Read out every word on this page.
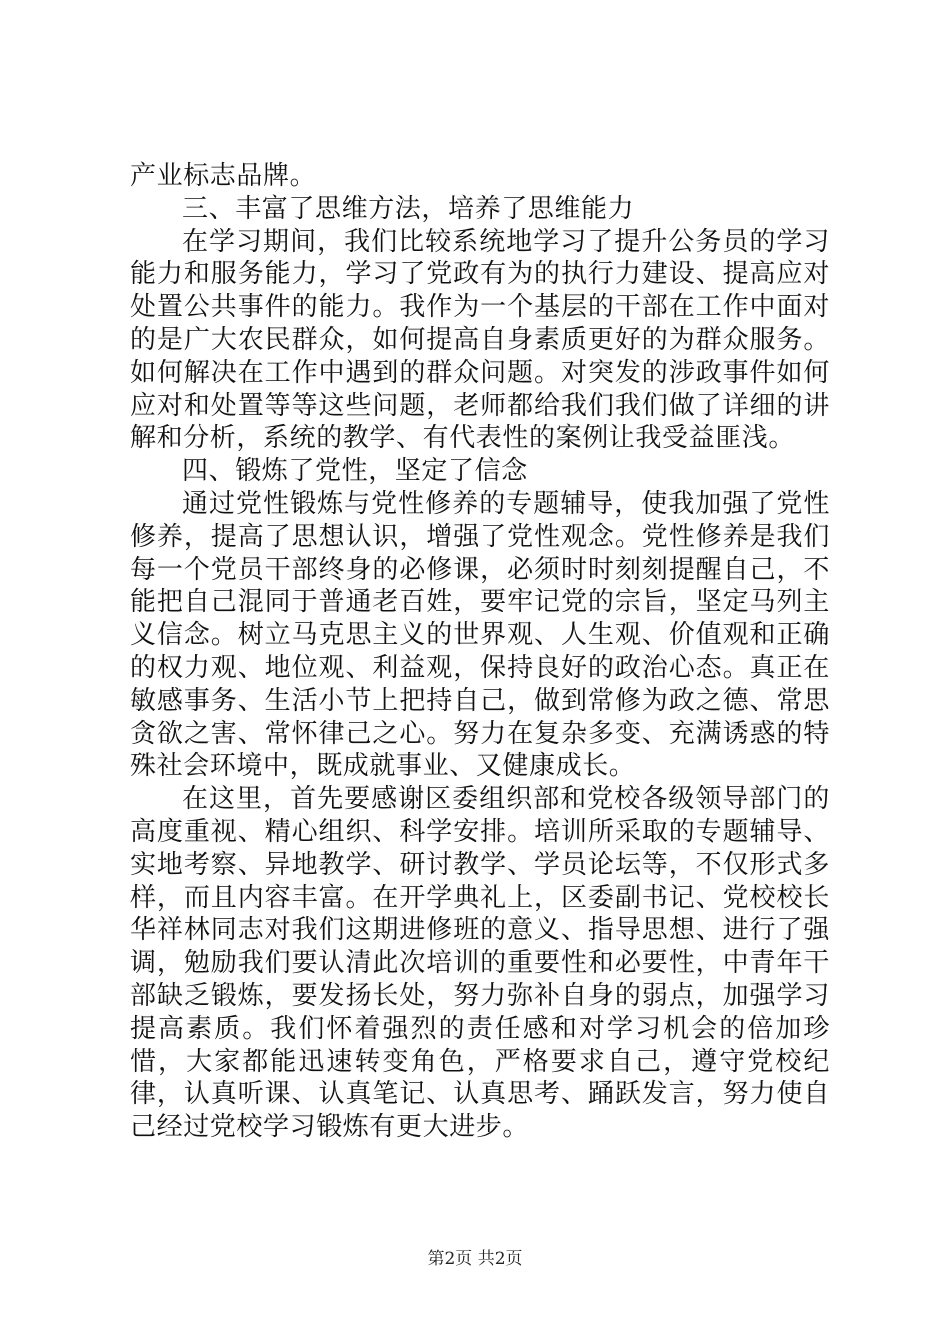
产业标志品牌。

三、丰富了思维方法，培养了思维能力

在学习期间，我们比较系统地学习了提升公务员的学习能力和服务能力，学习了党政有为的执行力建设、提高应对处置公共事件的能力。我作为一个基层的干部在工作中面对的是广大农民群众，如何提高自身素质更好的为群众服务。如何解决在工作中遇到的群众问题。对突发的涉政事件如何应对和处置等等这些问题，老师都给我们我们做了详细的讲解和分析，系统的教学、有代表性的案例让我受益匪浅。

四、锻炼了党性，坚定了信念

通过党性锻炼与党性修养的专题辅导，使我加强了党性修养，提高了思想认识，增强了党性观念。党性修养是我们每一个党员干部终身的必修课，必须时时刻刻提醒自己，不能把自己混同于普通老百姓，要牢记党的宗旨，坚定马列主义信念。树立马克思主义的世界观、人生观、价值观和正确的权力观、地位观、利益观，保持良好的政治心态。真正在敏感事务、生活小节上把持自己，做到常修为政之德、常思贪欲之害、常怀律己之心。努力在复杂多变、充满诱惑的特殊社会环境中，既成就事业、又健康成长。

在这里，首先要感谢区委组织部和党校各级领导部门的高度重视、精心组织、科学安排。培训所采取的专题辅导、实地考察、异地教学、研讨教学、学员论坛等，不仅形式多样，而且内容丰富。在开学典礼上，区委副书记、党校校长华祥林同志对我们这期进修班的意义、指导思想、进行了强调，勉励我们要认清此次培训的重要性和必要性，中青年干部缺乏锻炼，要发扬长处，努力弥补自身的弱点，加强学习提高素质。我们怀着强烈的责任感和对学习机会的倍加珍惜，大家都能迅速转变角色，严格要求自己，遵守党校纪律，认真听课、认真笔记、认真思考、踊跃发言，努力使自己经过党校学习锻炼有更大进步。

第2页 共2页
